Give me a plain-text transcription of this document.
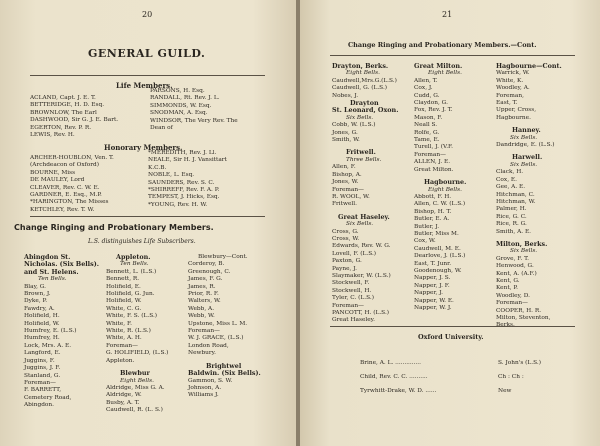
20
GENERAL GUILD.
Life Members.
ACLAND, Capt. J. E. T.
BETTERIDGE, H. D. Esq.
BROWNLOW, The Earl
DASHWOOD, Sir G. J. E. Bart.
EGERTON, Rev. P. R.
LEWIS, Rev. H.
PARSONS, H. Esq.
RANDALL, Rt. Rev. J. L.
SIMMONDS, W. Esq.
SNODMAN, A. Esq.
WINDSOR, The Very Rev. The
Dean of
Honorary Members.
ARCHER-HOUBLON, Ven. T.
(Archdeacon of Oxford)
BOURNE, Miss
DE MAULEY, Lord
CLEAVER, Rev. C. W. E.
GARDNER, E. Esq., M.P.
*HARINGTON, The Misses
KETCHLEY, Rev. T. W.
*MEREDITH, Rev. J. Ll.
NEALE, Sir H. J. Vansittart
K.C.B.
NOBLE, L. Esq.
SAUNDERS, Rev. S. C.
*SHIRREFF, Rev. F. A. P.
TEMPEST, J. Hicks, Esq.
*YOUNG, Rev. H. W.
Change Ringing and Probationary Members.
L.S. distinguishes Life Subscribers.
Abingdon St.
Nicholas. (Six Bells).
and St. Helens.
Ten Bells.
Blay, G.
Brown, J.
Dyke, P.
Fawdry, A.
Holifield, H.
Holifield, W.
Humfrey, E. (L.S.)
Humfrey, H.
Lock, Mrs. A. E.
Langford, E.
Juggins, F.
Juggins, J. F.
Stanland, G.
Foreman—
F. BARRETT,
Cemetery Road,
Abingdon.
Appleton.
Ten Bells.
Bennett, L. (L.S.)
Bennett, R.
Holifield, E.
Holifield, G. Jun.
Holifield, W.
White, C. G.
White, F. S. (L.S.)
White, F.
White, R. (L.S.)
White, A. H.
Foreman—
G. HOLIFIELD, (L.S.)
Appleton.
Blewbur
Eight Bells.
Aldridge, Miss G. A.
Aldridge, W.
Busby, A. T.
Caudwell, R. (L. S.)
Blewbury—Cont.
Corderoy, B.
Greenough, C.
James, F. G.
James, R.
Prior, R. F.
Walters, W.
Webb, A.
Webb, W.
Upstone, Miss L. M.
Foreman—
W. J. GRACE, (L.S.)
London Road,
Newbury.
Brightwel
Baldwin. (Six Bells).
Gammon, S. W.
Johnson, A.
Williams J.
21
Change Ringing and Probationary Members.—Cont.
Drayton, Berks.
Eight Bells.
Caudwell,Mrs.G.(L.S.)
Caudwell, G. (L.S.)
Nobes, J.
Drayton
St. Leonard, Oxon.
Six Bells.
Cobb, W. (L.S.)
Jones, G.
Smith, W.
Fritwell.
Three Bells.
Allen, F.
Bishop, A.
Jones, W.
Foreman—
R. WOOL, W.
Fritwell.
Great Haseley.
Six Bells.
Cross, G.
Cross, W.
Edwards, Rev. W. G.
Lovell, F. (L.S.)
Paxton, G.
Payne, J.
Slaymaker, W. (L.S.)
Stockwell, F.
Stockwell, H.
Tyler, C. (L.S.)
Foreman—
PANCOTT, H. (L.S.)
Great Haseley.
Great Milton.
Eight Bells.
Allen, T.
Cox, J.
Cudd, G.
Claydon, G.
Fox, Rev. J. T.
Mason, F.
Neall S.
Rolfe, G.
Tame, E.
Turell, J. (V.F.
Foreman—
ALLEN, J. E.
Great Milton.
Hagbourne.
Eight Bells.
Abbott, F. H.
Allen, C. W. (L.S.)
Bishop, H. T.
Butler, E. A.
Butler, J.
Butler, Miss M.
Cox, W.
Caudwell, M. E.
Dearlove, J. (L.S.)
East, T. Junr.
Goodenough, W.
Napper, J. S.
Napper, J. F.
Napper, J.
Napper, W. E.
Napper, W. J.
Hagbourne—Cont.
Warrick, W.
White, K.
Woodley, A.
Foreman,
East, T.
Upper, Cross,
Hagbourne.
Hanney.
Six Bells.
Dandridge, E. (L.S.)
Harwell.
Six Bells.
Clack, H.
Cox, E.
Gee, A. E.
Hitchman, C.
Hitchman, W.
Palmer, H.
Rice, G. C.
Rice, R. G.
Smith, A. E.
Milton, Berks.
Six Bells.
Grove, F. T.
Henwood, G.
Kent, A. (A.F.)
Kent, G.
Kent, P.
Woodley, D.
Foreman—
COOPER, H. R.
Milton, Steventon,
Oxford University.
Brine, A. L. ..............
Child, Rev. C. C. ..........
Tyrwhitt-Drake, W. D. ......
S. John's (L.S.)
Ch : Ch :
New
